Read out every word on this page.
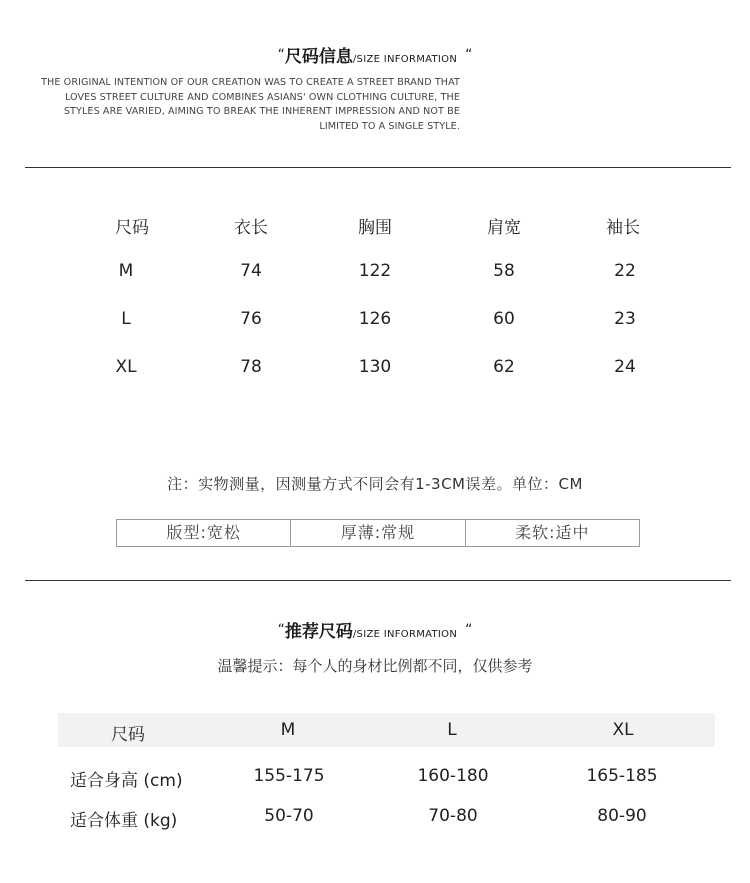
“尺码信息/SIZE INFORMATION “
THE ORIGINAL INTENTION OF OUR CREATION WAS TO CREATE A STREET BRAND THAT
LOVES STREET CULTURE AND COMBINES ASIANS' OWN CLOTHING CULTURE, THE
STYLES ARE VARIED, AIMING TO BREAK THE INHERENT IMPRESSION AND NOT BE
LIMITED TO A SINGLE STYLE.
尺码	衣长	胸围	肩宽	袖长
M	74	122	58	22
L	76	126	60	23
XL	78	130	62	24
注：实物测量，因测量方式不同会有1-3CM误差。单位：CM
版型:宽松	厚薄:常规	柔软:适中
“推荐尺码/SIZE INFORMATION “
温馨提示：每个人的身材比例都不同，仅供参考
尺码	M	L	XL
适合身高 (cm)	155-175	160-180	165-185
适合体重 (kg)	50-70	70-80	80-90
